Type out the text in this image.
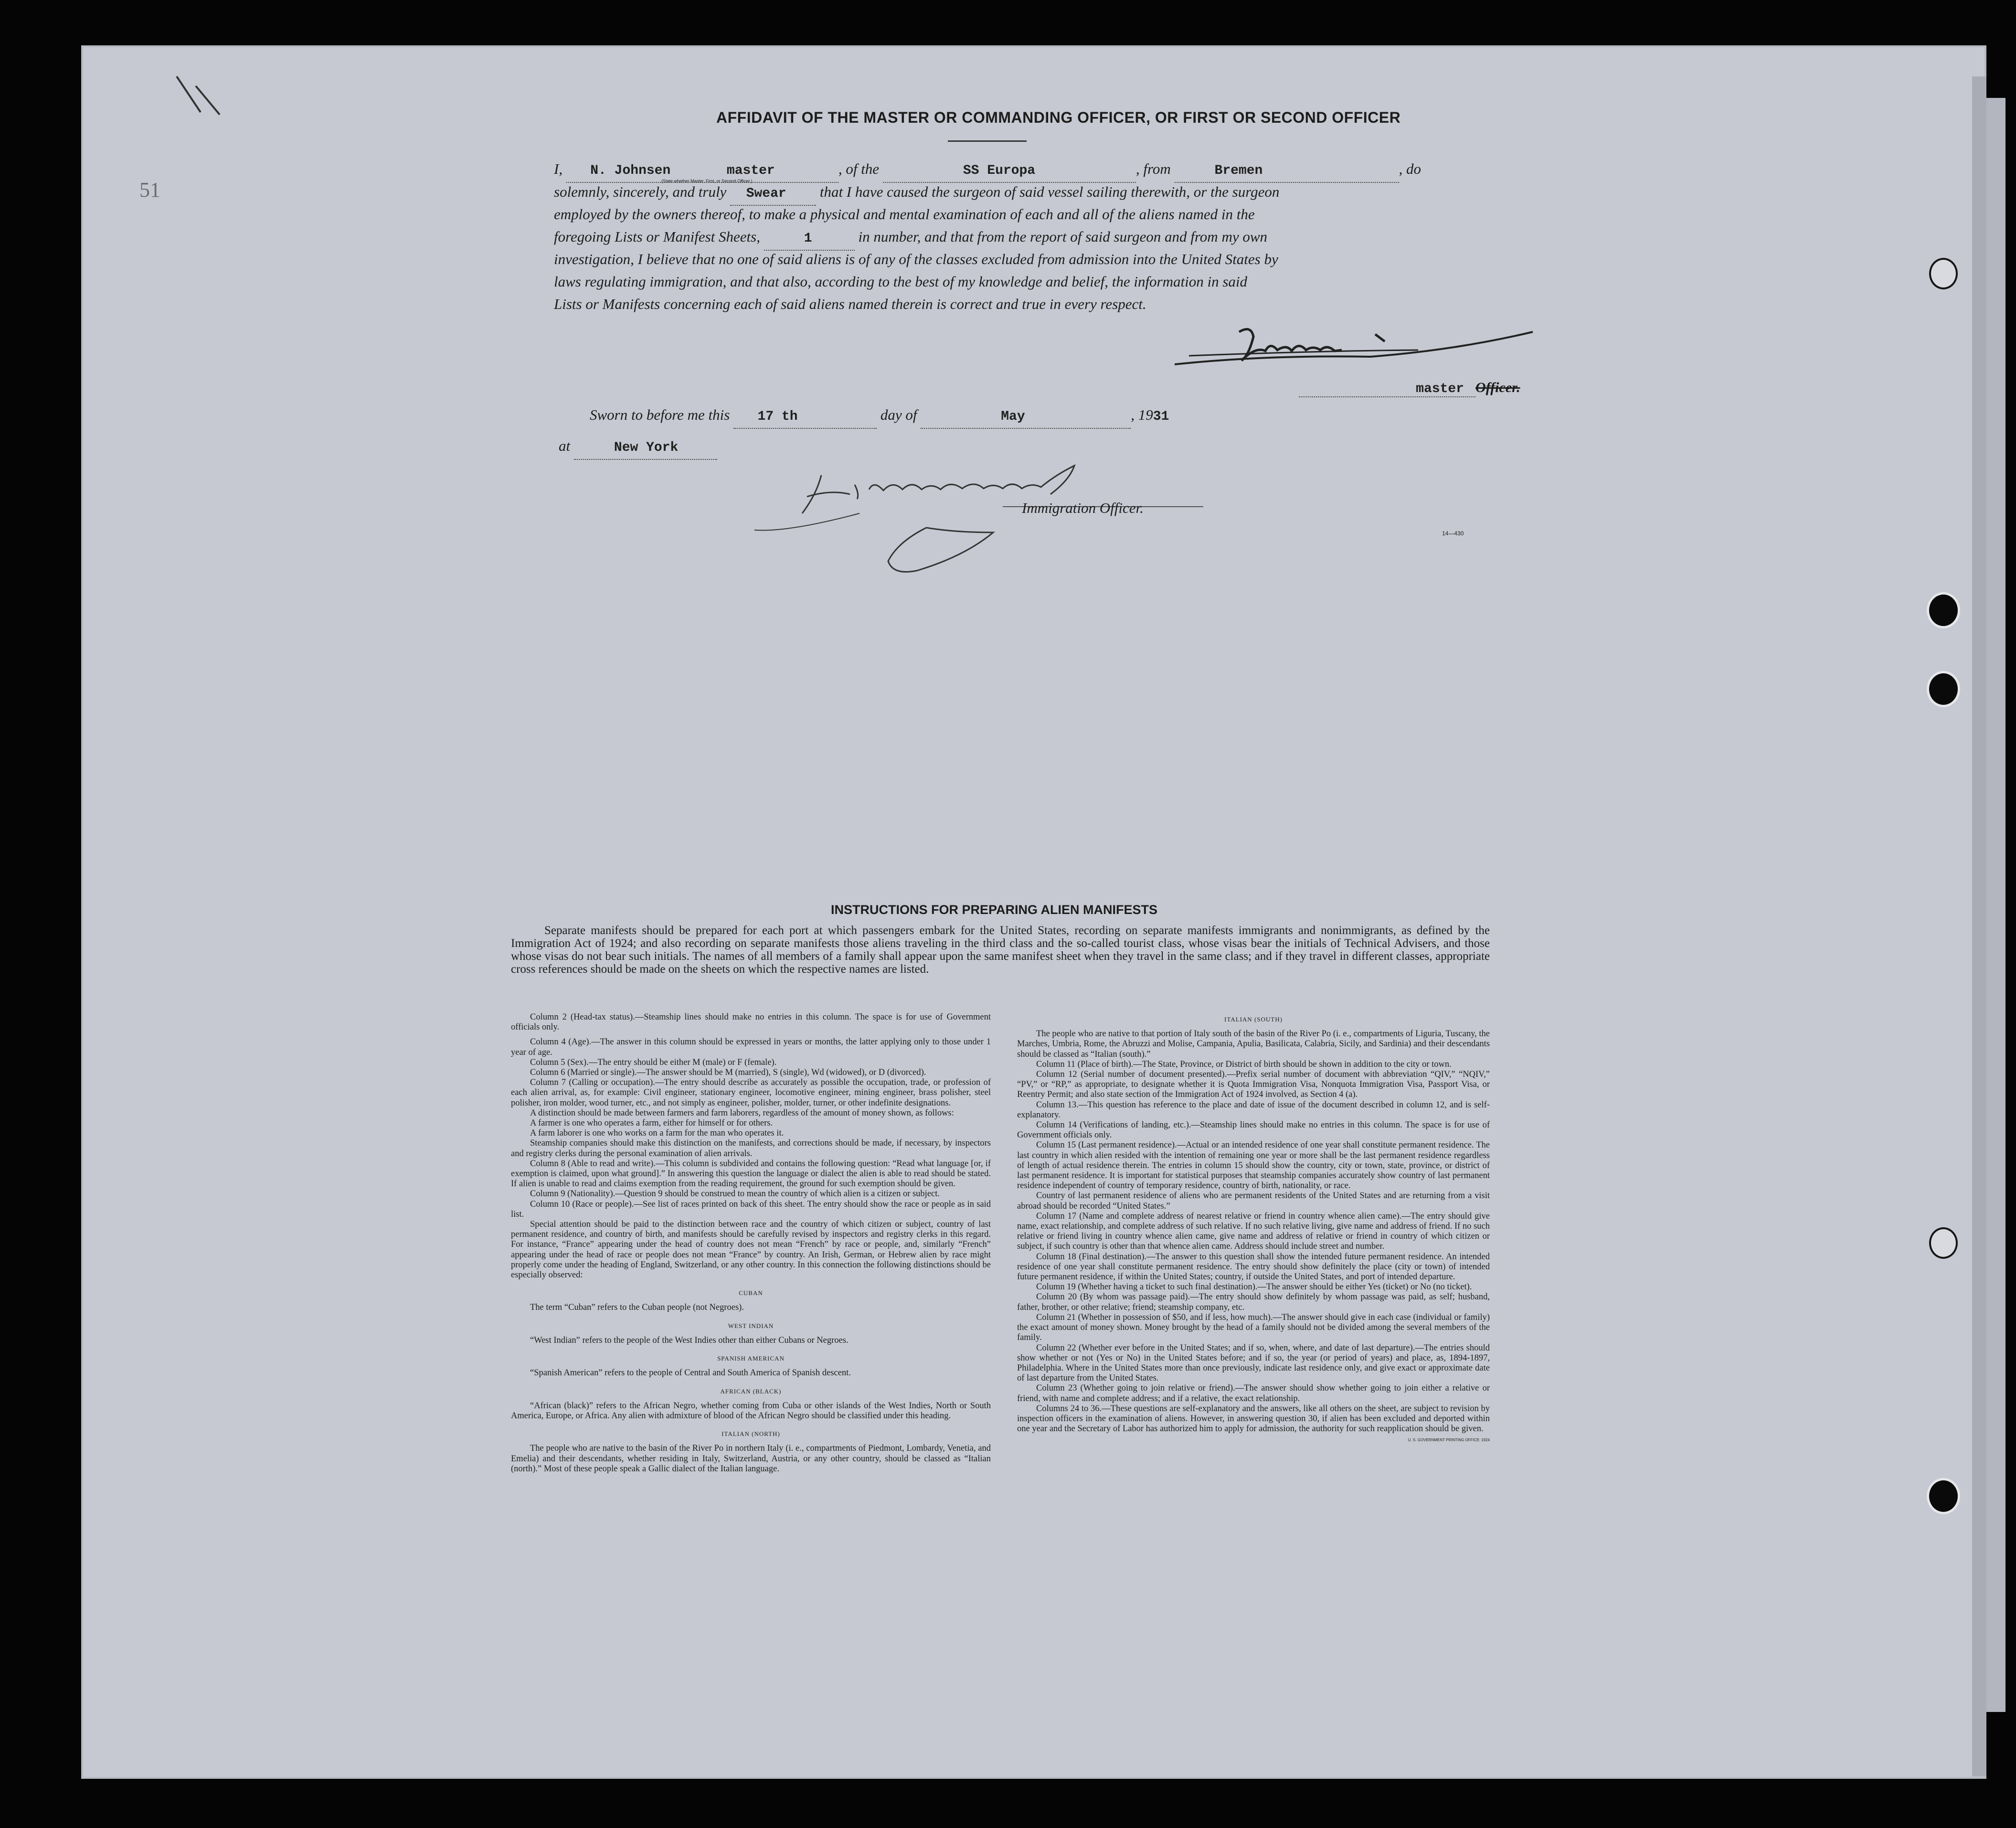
51
AFFIDAVIT OF THE MASTER OR COMMANDING OFFICER, OR FIRST OR SECOND OFFICER
I, N. Johnsen	master	, of the	SS Europa	, from	Bremen	, do
(State whether Master, First, or Second Officer.)
solemnly, sincerely, and truly Swear that I have caused the surgeon of said vessel sailing therewith, or the surgeon
employed by the owners thereof, to make a physical and mental examination of each and all of the aliens named in the
foregoing Lists or Manifest Sheets,	1	in number, and that from the report of said surgeon and from my own
investigation, I believe that no one of said aliens is of any of the classes excluded from admission into the United States by
laws regulating immigration, and that also, according to the best of my knowledge and belief, the information in said
Lists or Manifests concerning each of said aliens named therein is correct and true in every respect.
master Officer.
Sworn to before me this 17 th	day of	May	, 1931
at	New York
Immigration Officer.
14—430
INSTRUCTIONS FOR PREPARING ALIEN MANIFESTS
Separate manifests should be prepared for each port at which passengers embark for the United States, recording on separate manifests immigrants and nonimmigrants, as defined by the Immigration Act of 1924; and also recording on separate manifests those aliens traveling in the third class and the so-called tourist class, whose visas bear the initials of Technical Advisers, and those whose visas do not bear such initials. The names of all members of a family shall appear upon the same manifest sheet when they travel in the same class; and if they travel in different classes, appropriate cross references should be made on the sheets on which the respective names are listed.

Column 2 (Head-tax status).—Steamship lines should make no entries in this column. The space is for use of Government officials only.

Column 4 (Age).—The answer in this column should be expressed in years or months, the latter applying only to those under 1 year of age.

Column 5 (Sex).—The entry should be either M (male) or F (female).

Column 6 (Married or single).—The answer should be M (married), S (single), Wd (widowed), or D (divorced).

Column 7 (Calling or occupation).—The entry should describe as accurately as possible the occupation, trade, or profession of each alien arrival, as, for example: Civil engineer, stationary engineer, locomotive engineer, mining engineer, brass polisher, steel polisher, iron molder, wood turner, etc., and not simply as engineer, polisher, molder, turner, or other indefinite designations.

A distinction should be made between farmers and farm laborers, regardless of the amount of money shown, as follows:

A farmer is one who operates a farm, either for himself or for others.

A farm laborer is one who works on a farm for the man who operates it.

Steamship companies should make this distinction on the manifests, and corrections should be made, if necessary, by inspectors and registry clerks during the personal examination of alien arrivals.

Column 8 (Able to read and write).—This column is subdivided and contains the following question: “Read what language [or, if exemption is claimed, upon what ground].” In answering this question the language or dialect the alien is able to read should be stated. If alien is unable to read and claims exemption from the reading requirement, the ground for such exemption should be given.

Column 9 (Nationality).—Question 9 should be construed to mean the country of which alien is a citizen or subject.

Column 10 (Race or people).—See list of races printed on back of this sheet. The entry should show the race or people as in said list.

Special attention should be paid to the distinction between race and the country of which citizen or subject, country of last permanent residence, and country of birth, and manifests should be carefully revised by inspectors and registry clerks in this regard. For instance, “France” appearing under the head of country does not mean “French” by race or people, and, similarly “French” appearing under the head of race or people does not mean “France” by country. An Irish, German, or Hebrew alien by race might properly come under the heading of England, Switzerland, or any other country. In this connection the following distinctions should be especially observed:

CUBAN

The term “Cuban” refers to the Cuban people (not Negroes).

WEST INDIAN

“West Indian” refers to the people of the West Indies other than either Cubans or Negroes.

SPANISH AMERICAN

“Spanish American” refers to the people of Central and South America of Spanish descent.

AFRICAN (BLACK)

“African (black)” refers to the African Negro, whether coming from Cuba or other islands of the West Indies, North or South America, Europe, or Africa. Any alien with admixture of blood of the African Negro should be classified under this heading.

ITALIAN (NORTH)

The people who are native to the basin of the River Po in northern Italy (i. e., compartments of Piedmont, Lombardy, Venetia, and Emelia) and their descendants, whether residing in Italy, Switzerland, Austria, or any other country, should be classed as “Italian (north).” Most of these people speak a Gallic dialect of the Italian language.

ITALIAN (SOUTH)

The people who are native to that portion of Italy south of the basin of the River Po (i. e., compartments of Liguria, Tuscany, the Marches, Umbria, Rome, the Abruzzi and Molise, Campania, Apulia, Basilicata, Calabria, Sicily, and Sardinia) and their descendants should be classed as “Italian (south).”

Column 11 (Place of birth).—The State, Province, or District of birth should be shown in addition to the city or town.

Column 12 (Serial number of document presented).—Prefix serial number of document with abbreviation “QIV,” “NQIV,” “PV,” or “RP,” as appropriate, to designate whether it is Quota Immigration Visa, Nonquota Immigration Visa, Passport Visa, or Reentry Permit; and also state section of the Immigration Act of 1924 involved, as Section 4 (a).

Column 13.—This question has reference to the place and date of issue of the document described in column 12, and is self-explanatory.

Column 14 (Verifications of landing, etc.).—Steamship lines should make no entries in this column. The space is for use of Government officials only.

Column 15 (Last permanent residence).—Actual or an intended residence of one year shall constitute permanent residence. The last country in which alien resided with the intention of remaining one year or more shall be the last permanent residence regardless of length of actual residence therein. The entries in column 15 should show the country, city or town, state, province, or district of last permanent residence. It is important for statistical purposes that steamship companies accurately show country of last permanent residence independent of country of temporary residence, country of birth, nationality, or race.

Country of last permanent residence of aliens who are permanent residents of the United States and are returning from a visit abroad should be recorded “United States.”

Column 17 (Name and complete address of nearest relative or friend in country whence alien came).—The entry should give name, exact relationship, and complete address of such relative. If no such relative living, give name and address of friend. If no such relative or friend living in country whence alien came, give name and address of relative or friend in country of which citizen or subject, if such country is other than that whence alien came. Address should include street and number.

Column 18 (Final destination).—The answer to this question shall show the intended future permanent residence. An intended residence of one year shall constitute permanent residence. The entry should show definitely the place (city or town) of intended future permanent residence, if within the United States; country, if outside the United States, and port of intended departure.

Column 19 (Whether having a ticket to such final destination).—The answer should be either Yes (ticket) or No (no ticket).

Column 20 (By whom was passage paid).—The entry should show definitely by whom passage was paid, as self; husband, father, brother, or other relative; friend; steamship company, etc.

Column 21 (Whether in possession of $50, and if less, how much).—The answer should give in each case (individual or family) the exact amount of money shown. Money brought by the head of a family should not be divided among the several members of the family.

Column 22 (Whether ever before in the United States; and if so, when, where, and date of last departure).—The entries should show whether or not (Yes or No) in the United States before; and if so, the year (or period of years) and place, as, 1894-1897, Philadelphia. Where in the United States more than once previously, indicate last residence only, and give exact or approximate date of last departure from the United States.

Column 23 (Whether going to join relative or friend).—The answer should show whether going to join either a relative or friend, with name and complete address; and if a relative, the exact relationship.

Columns 24 to 36.—These questions are self-explanatory and the answers, like all others on the sheet, are subject to revision by inspection officers in the examination of aliens. However, in answering question 30, if alien has been excluded and deported within one year and the Secretary of Labor has authorized him to apply for admission, the authority for such reapplication should be given.

U. S. GOVERNMENT PRINTING OFFICE: 1924
